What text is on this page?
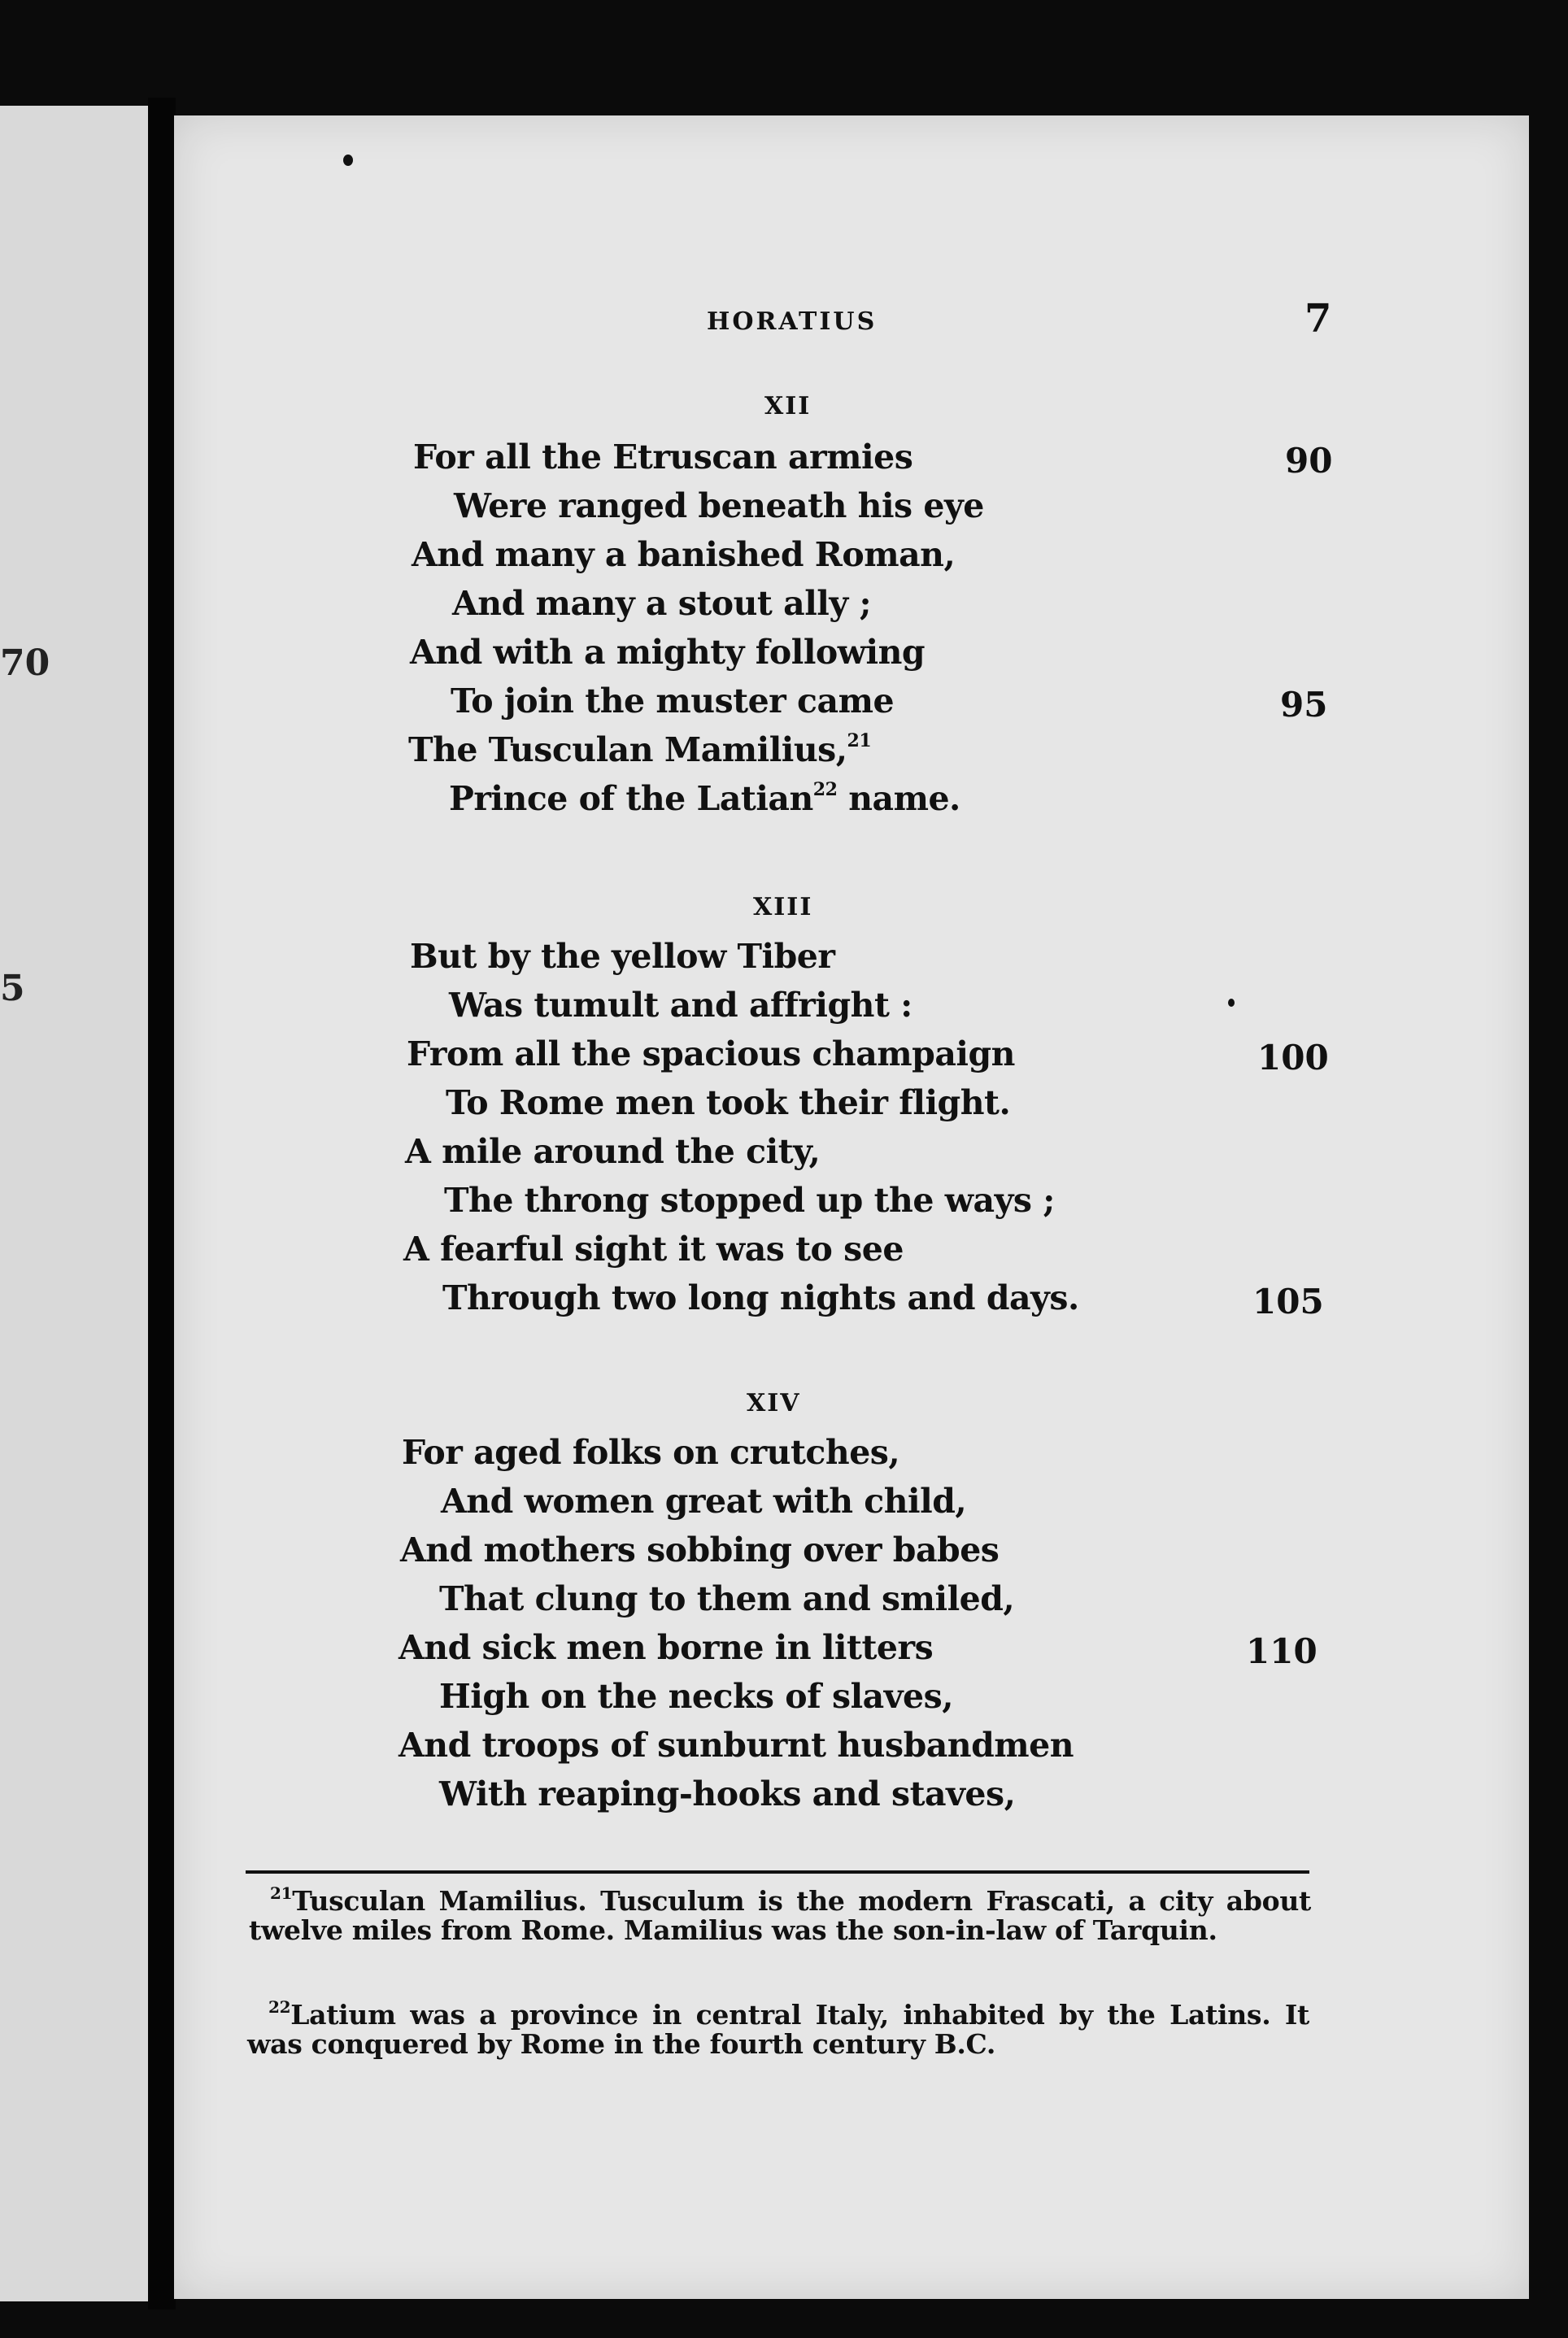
70
5
HORATIUS	7
XII
For all the Etruscan armies	90
Were ranged beneath his eye
And many a banished Roman,
And many a stout ally ;
And with a mighty following
To join the muster came	95
The Tusculan Mamilius,$^{21}$
Prince of the Latian$^{22}$ name.
XIII
But by the yellow Tiber
Was tumult and affright :
From all the spacious champaign	100
To Rome men took their flight.
A mile around the city,
The throng stopped up the ways ;
A fearful sight it was to see
Through two long nights and days.	105
XIV
For aged folks on crutches,
And women great with child,
And mothers sobbing over babes
That clung to them and smiled,
And sick men borne in litters	110
High on the necks of slaves,
And troops of sunburnt husbandmen
With reaping-hooks and staves,
$^{21}$Tusculan Mamilius. Tusculum is the modern Frascati, a city about twelve miles from Rome. Mamilius was the son-in-law of Tarquin.
$^{22}$Latium was a province in central Italy, inhabited by the Latins. It was conquered by Rome in the fourth century B.C.
